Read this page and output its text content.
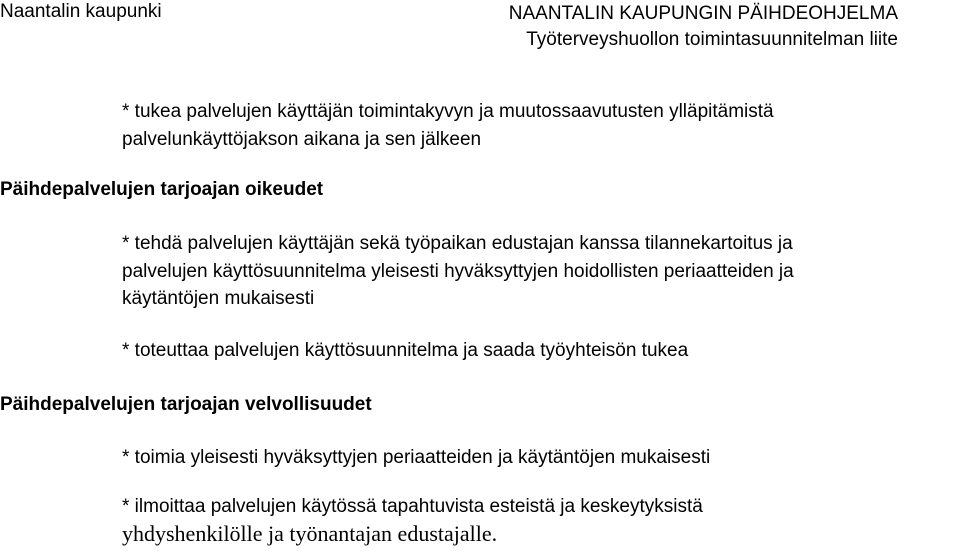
Naantalin kaupunki	NAANTALIN KAUPUNGIN PÄIHDEOHJELMA
Työterveyshuollon toimintasuunnitelman liite
* tukea palvelujen käyttäjän toimintakyvyn ja muutossaavutusten ylläpitämistä
palvelunkäyttöjakson aikana ja sen jälkeen
Päihdepalvelujen tarjoajan oikeudet
* tehdä palvelujen käyttäjän sekä työpaikan edustajan kanssa tilannekartoitus ja
palvelujen käyttösuunnitelma yleisesti hyväksyttyjen hoidollisten periaatteiden ja
käytäntöjen mukaisesti
* toteuttaa palvelujen käyttösuunnitelma ja saada työyhteisön tukea
Päihdepalvelujen tarjoajan velvollisuudet
* toimia yleisesti hyväksyttyjen periaatteiden ja käytäntöjen mukaisesti
* ilmoittaa palvelujen käytössä tapahtuvista esteistä ja keskeytyksistä
yhdyshenkilölle ja työnantajan edustajalle.
